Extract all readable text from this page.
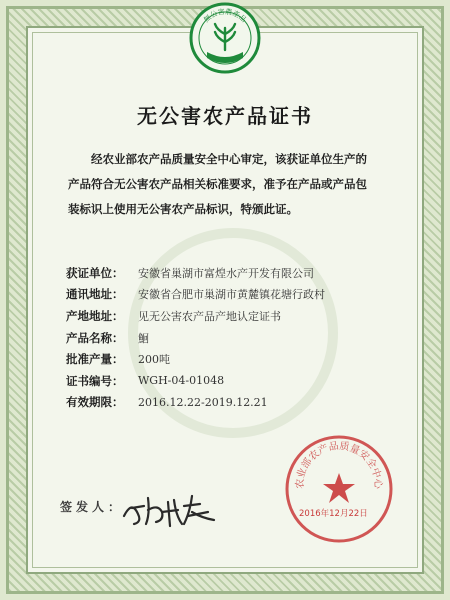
無公害農產品
无公害农产品证书
经农业部农产品质量安全中心审定，该获证单位生产的
产品符合无公害农产品相关标准要求，准予在产品或产品包
装标识上使用无公害农产品标识，特颁此证。
获证单位：	安徽省巢湖市富煌水产开发有限公司
通讯地址：	安徽省合肥市巢湖市黄麓镇花塘行政村
产地地址：	见无公害农产品产地认定证书
产品名称：	鮰
批准产量：	200吨
证书编号：	WGH-04-01048
有效期限：	2016.12.22-2019.12.21
签发人：
农业部农产品质量安全中心
2016年12月22日
